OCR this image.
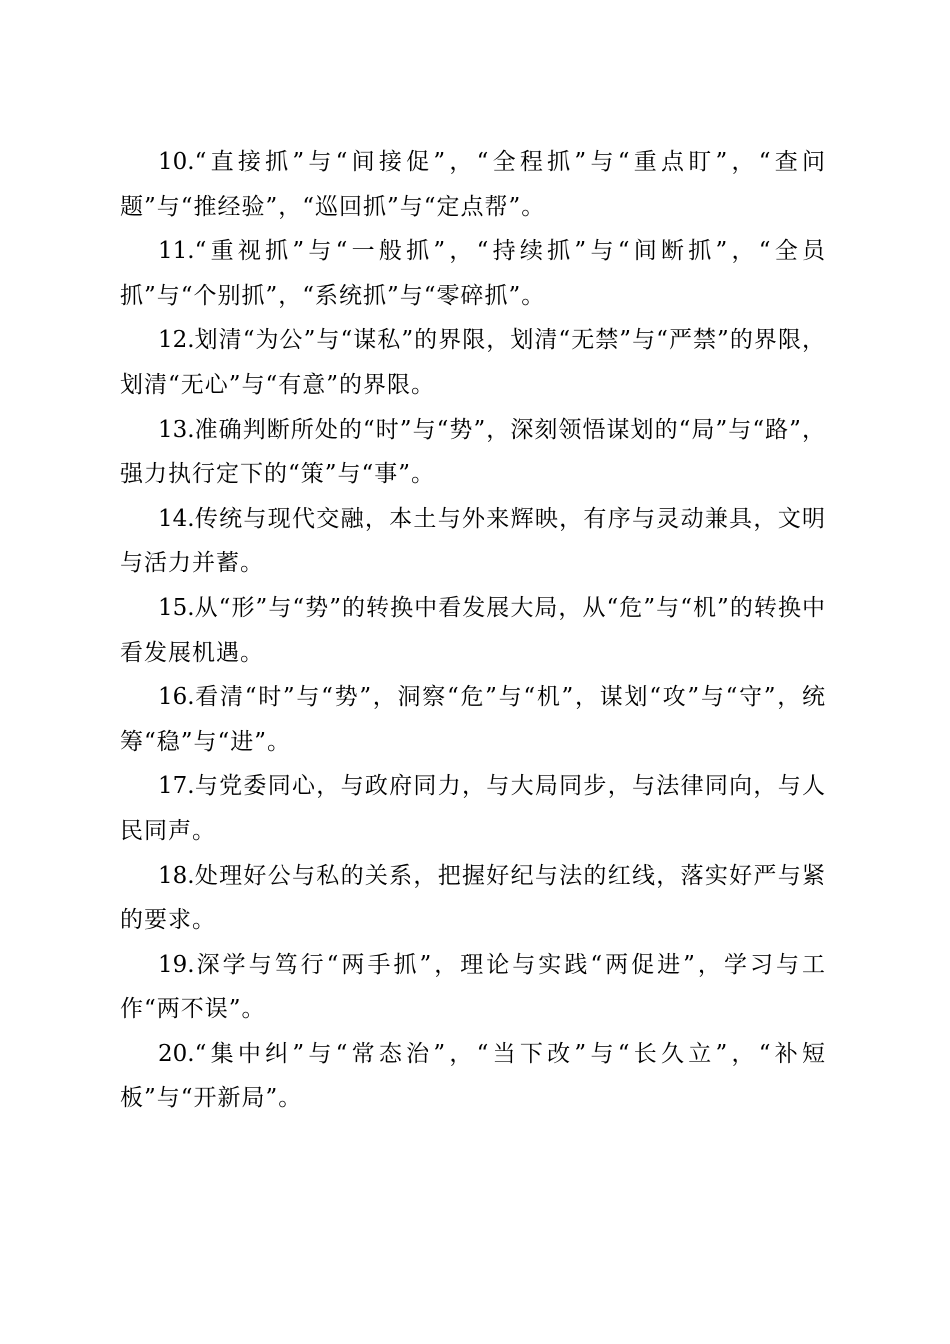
10.“直接抓”与“间接促”，“全程抓”与“重点盯”，“查问题”与“推经验”，“巡回抓”与“定点帮”。

11.“重视抓”与“一般抓”，“持续抓”与“间断抓”，“全员抓”与“个别抓”，“系统抓”与“零碎抓”。

12.划清“为公”与“谋私”的界限，划清“无禁”与“严禁”的界限，划清“无心”与“有意”的界限。

13.准确判断所处的“时”与“势”，深刻领悟谋划的“局”与“路”，强力执行定下的“策”与“事”。

14.传统与现代交融，本土与外来辉映，有序与灵动兼具，文明与活力并蓄。

15.从“形”与“势”的转换中看发展大局，从“危”与“机”的转换中看发展机遇。

16.看清“时”与“势”，洞察“危”与“机”，谋划“攻”与“守”，统筹“稳”与“进”。

17.与党委同心，与政府同力，与大局同步，与法律同向，与人民同声。

18.处理好公与私的关系，把握好纪与法的红线，落实好严与紧的要求。

19.深学与笃行“两手抓”，理论与实践“两促进”，学习与工作“两不误”。

20.“集中纠”与“常态治”，“当下改”与“长久立”，“补短板”与“开新局”。
